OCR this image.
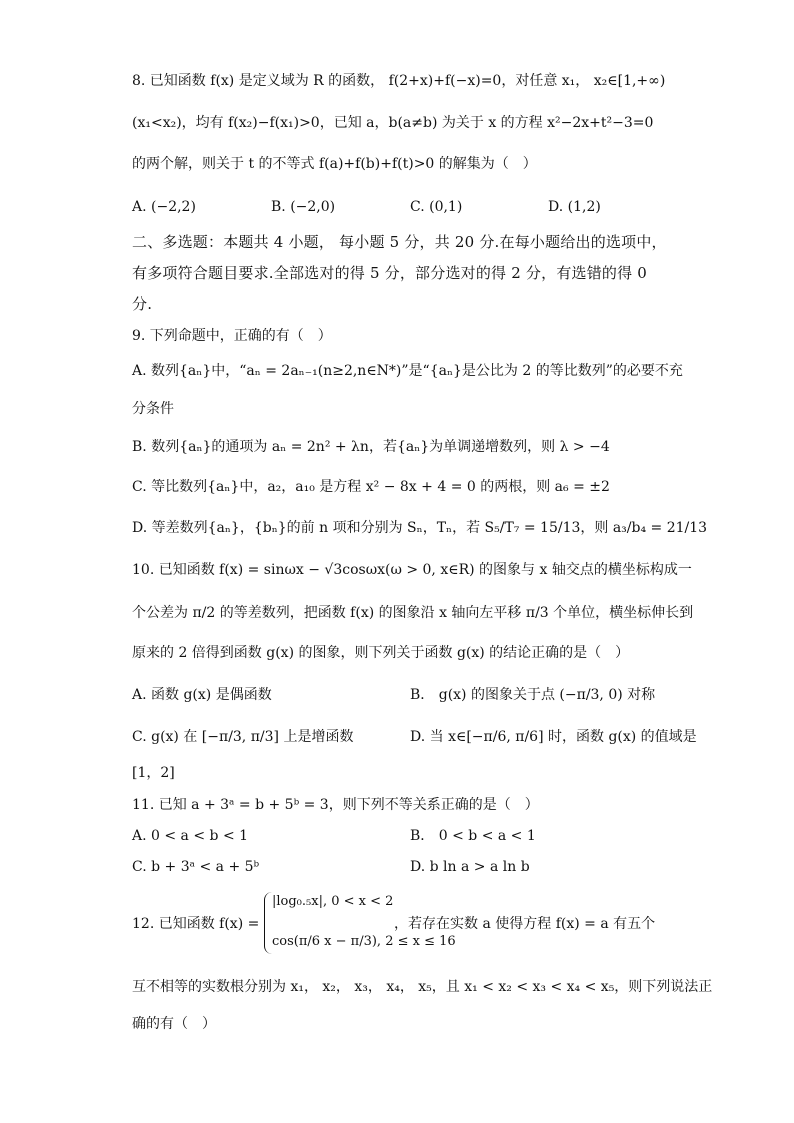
8. 已知函数 f(x) 是定义域为 R 的函数， f(2+x)+f(−x)=0，对任意 x₁， x₂∈[1,+∞)
(x₁<x₂)，均有 f(x₂)−f(x₁)>0，已知 a，b(a≠b) 为关于 x 的方程 x²−2x+t²−3=0
的两个解，则关于 t 的不等式 f(a)+f(b)+f(t)>0 的解集为（　）
A. (−2,2)	B. (−2,0)	C. (0,1)	D. (1,2)
二、多选题：本题共 4 小题， 每小题 5 分，共 20 分.在每小题给出的选项中，
有多项符合题目要求.全部选对的得 5 分，部分选对的得 2 分，有选错的得 0
分.
9. 下列命题中，正确的有（　）
A. 数列{aₙ}中，“aₙ = 2aₙ₋₁(n≥2,n∈N*)”是“{aₙ}是公比为 2 的等比数列”的必要不充
分条件
B. 数列{aₙ}的通项为 aₙ = 2n² + λn，若{aₙ}为单调递增数列，则 λ > −4
C. 等比数列{aₙ}中，a₂，a₁₀ 是方程 x² − 8x + 4 = 0 的两根，则 a₆ = ±2
D. 等差数列{aₙ}，{bₙ}的前 n 项和分别为 Sₙ，Tₙ，若 S₅/T₇ = 15/13，则 a₃/b₄ = 21/13
10. 已知函数 f(x) = sinωx − √3cosωx(ω > 0, x∈R) 的图象与 x 轴交点的横坐标构成一
个公差为 π/2 的等差数列，把函数 f(x) 的图象沿 x 轴向左平移 π/3 个单位，横坐标伸长到
原来的 2 倍得到函数 g(x) 的图象，则下列关于函数 g(x) 的结论正确的是（　）
A. 函数 g(x) 是偶函数	B． g(x) 的图象关于点 (−π/3, 0) 对称
C. g(x) 在 [−π/3, π/3] 上是增函数	D. 当 x∈[−π/6, π/6] 时，函数 g(x) 的值域是
[1，2]
11. 已知 a + 3ᵃ = b + 5ᵇ = 3，则下列不等关系正确的是（　）
A. 0 < a < b < 1	B． 0 < b < a < 1
C. b + 3ᵃ < a + 5ᵇ	D. b ln a > a ln b
12. 已知函数 f(x) =
|log₀.₅x|, 0 < x < 2
cos(π/6 x − π/3), 2 ≤ x ≤ 16
，若存在实数 a 使得方程 f(x) = a 有五个
互不相等的实数根分别为 x₁， x₂， x₃， x₄， x₅，且 x₁ < x₂ < x₃ < x₄ < x₅，则下列说法正
确的有（　）
